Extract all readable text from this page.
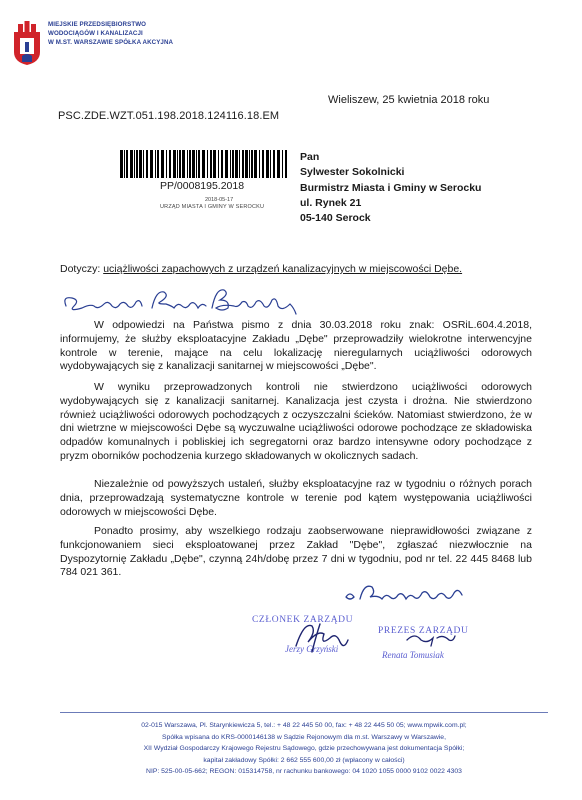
MIEJSKIE PRZEDSIĘBIORSTWO
WODOCIĄGÓW I KANALIZACJI
W M.ST. WARSZAWIE SPÓŁKA AKCYJNA
Wieliszew, 25 kwietnia 2018 roku
PSC.ZDE.WZT.051.198.2018.124116.18.EM
PP/0008195.2018
2018-05-17
URZĄD MIASTA I GMINY W SEROCKU
Pan
Sylwester Sokolnicki
Burmistrz Miasta i Gminy w Serocku
ul. Rynek 21
05-140 Serock
Dotyczy: uciążliwości zapachowych z urządzeń kanalizacyjnych w miejscowości Dębe.

W odpowiedzi na Państwa pismo z dnia 30.03.2018 roku znak: OSRiL.604.4.2018, informujemy, że służby eksploatacyjne Zakładu „Dębe" przeprowadziły wielokrotne interwencyjne kontrole w terenie, mające na celu lokalizację nieregularnych uciążliwości odorowych wydobywających się z kanalizacji sanitarnej w miejscowości „Dębe".

W wyniku przeprowadzonych kontroli nie stwierdzono uciążliwości odorowych wydobywających się z kanalizacji sanitarnej. Kanalizacja jest czysta i drożna. Nie stwierdzono również uciążliwości odorowych pochodzących z oczyszczalni ścieków. Natomiast stwierdzono, że w dni wietrzne w miejscowości Dębe są wyczuwalne uciążliwości odorowe pochodzące ze składowiska odpadów komunalnych i pobliskiej ich segregatorni oraz bardzo intensywne odory pochodzące z pryzm oborników pochodzenia kurzego składowanych w okolicznych sadach.

Niezależnie od powyższych ustaleń, służby eksploatacyjne raz w tygodniu o różnych porach dnia, przeprowadzają systematyczne kontrole w terenie pod kątem występowania uciążliwości odorowych w miejscowości Dębe.

Ponadto prosimy, aby wszelkiego rodzaju zaobserwowane nieprawidłowości związane z funkcjonowaniem sieci eksploatowanej przez Zakład "Dębe", zgłaszać niezwłocznie na Dyspozytornię Zakładu „Dębe", czynną 24h/dobę przez 7 dni w tygodniu, pod nr tel. 22 445 8468 lub 784 021 361.

CZŁONEK ZARZĄDU
Jerzy Grzyński
PREZES ZARZĄDU
Renata Tomusiak
02-015 Warszawa, Pl. Starynkiewicza 5, tel.: + 48 22 445 50 00, fax: + 48 22 445 50 05; www.mpwik.com.pl;
Spółka wpisana do KRS-0000146138 w Sądzie Rejonowym dla m.st. Warszawy w Warszawie,
XII Wydział Gospodarczy Krajowego Rejestru Sądowego, gdzie przechowywana jest dokumentacja Spółki;
kapitał zakładowy Spółki: 2 662 555 600,00 zł (wpłacony w całości)
NIP: 525-00-05-662; REGON: 015314758, nr rachunku bankowego: 04 1020 1055 0000 9102 0022 4303
